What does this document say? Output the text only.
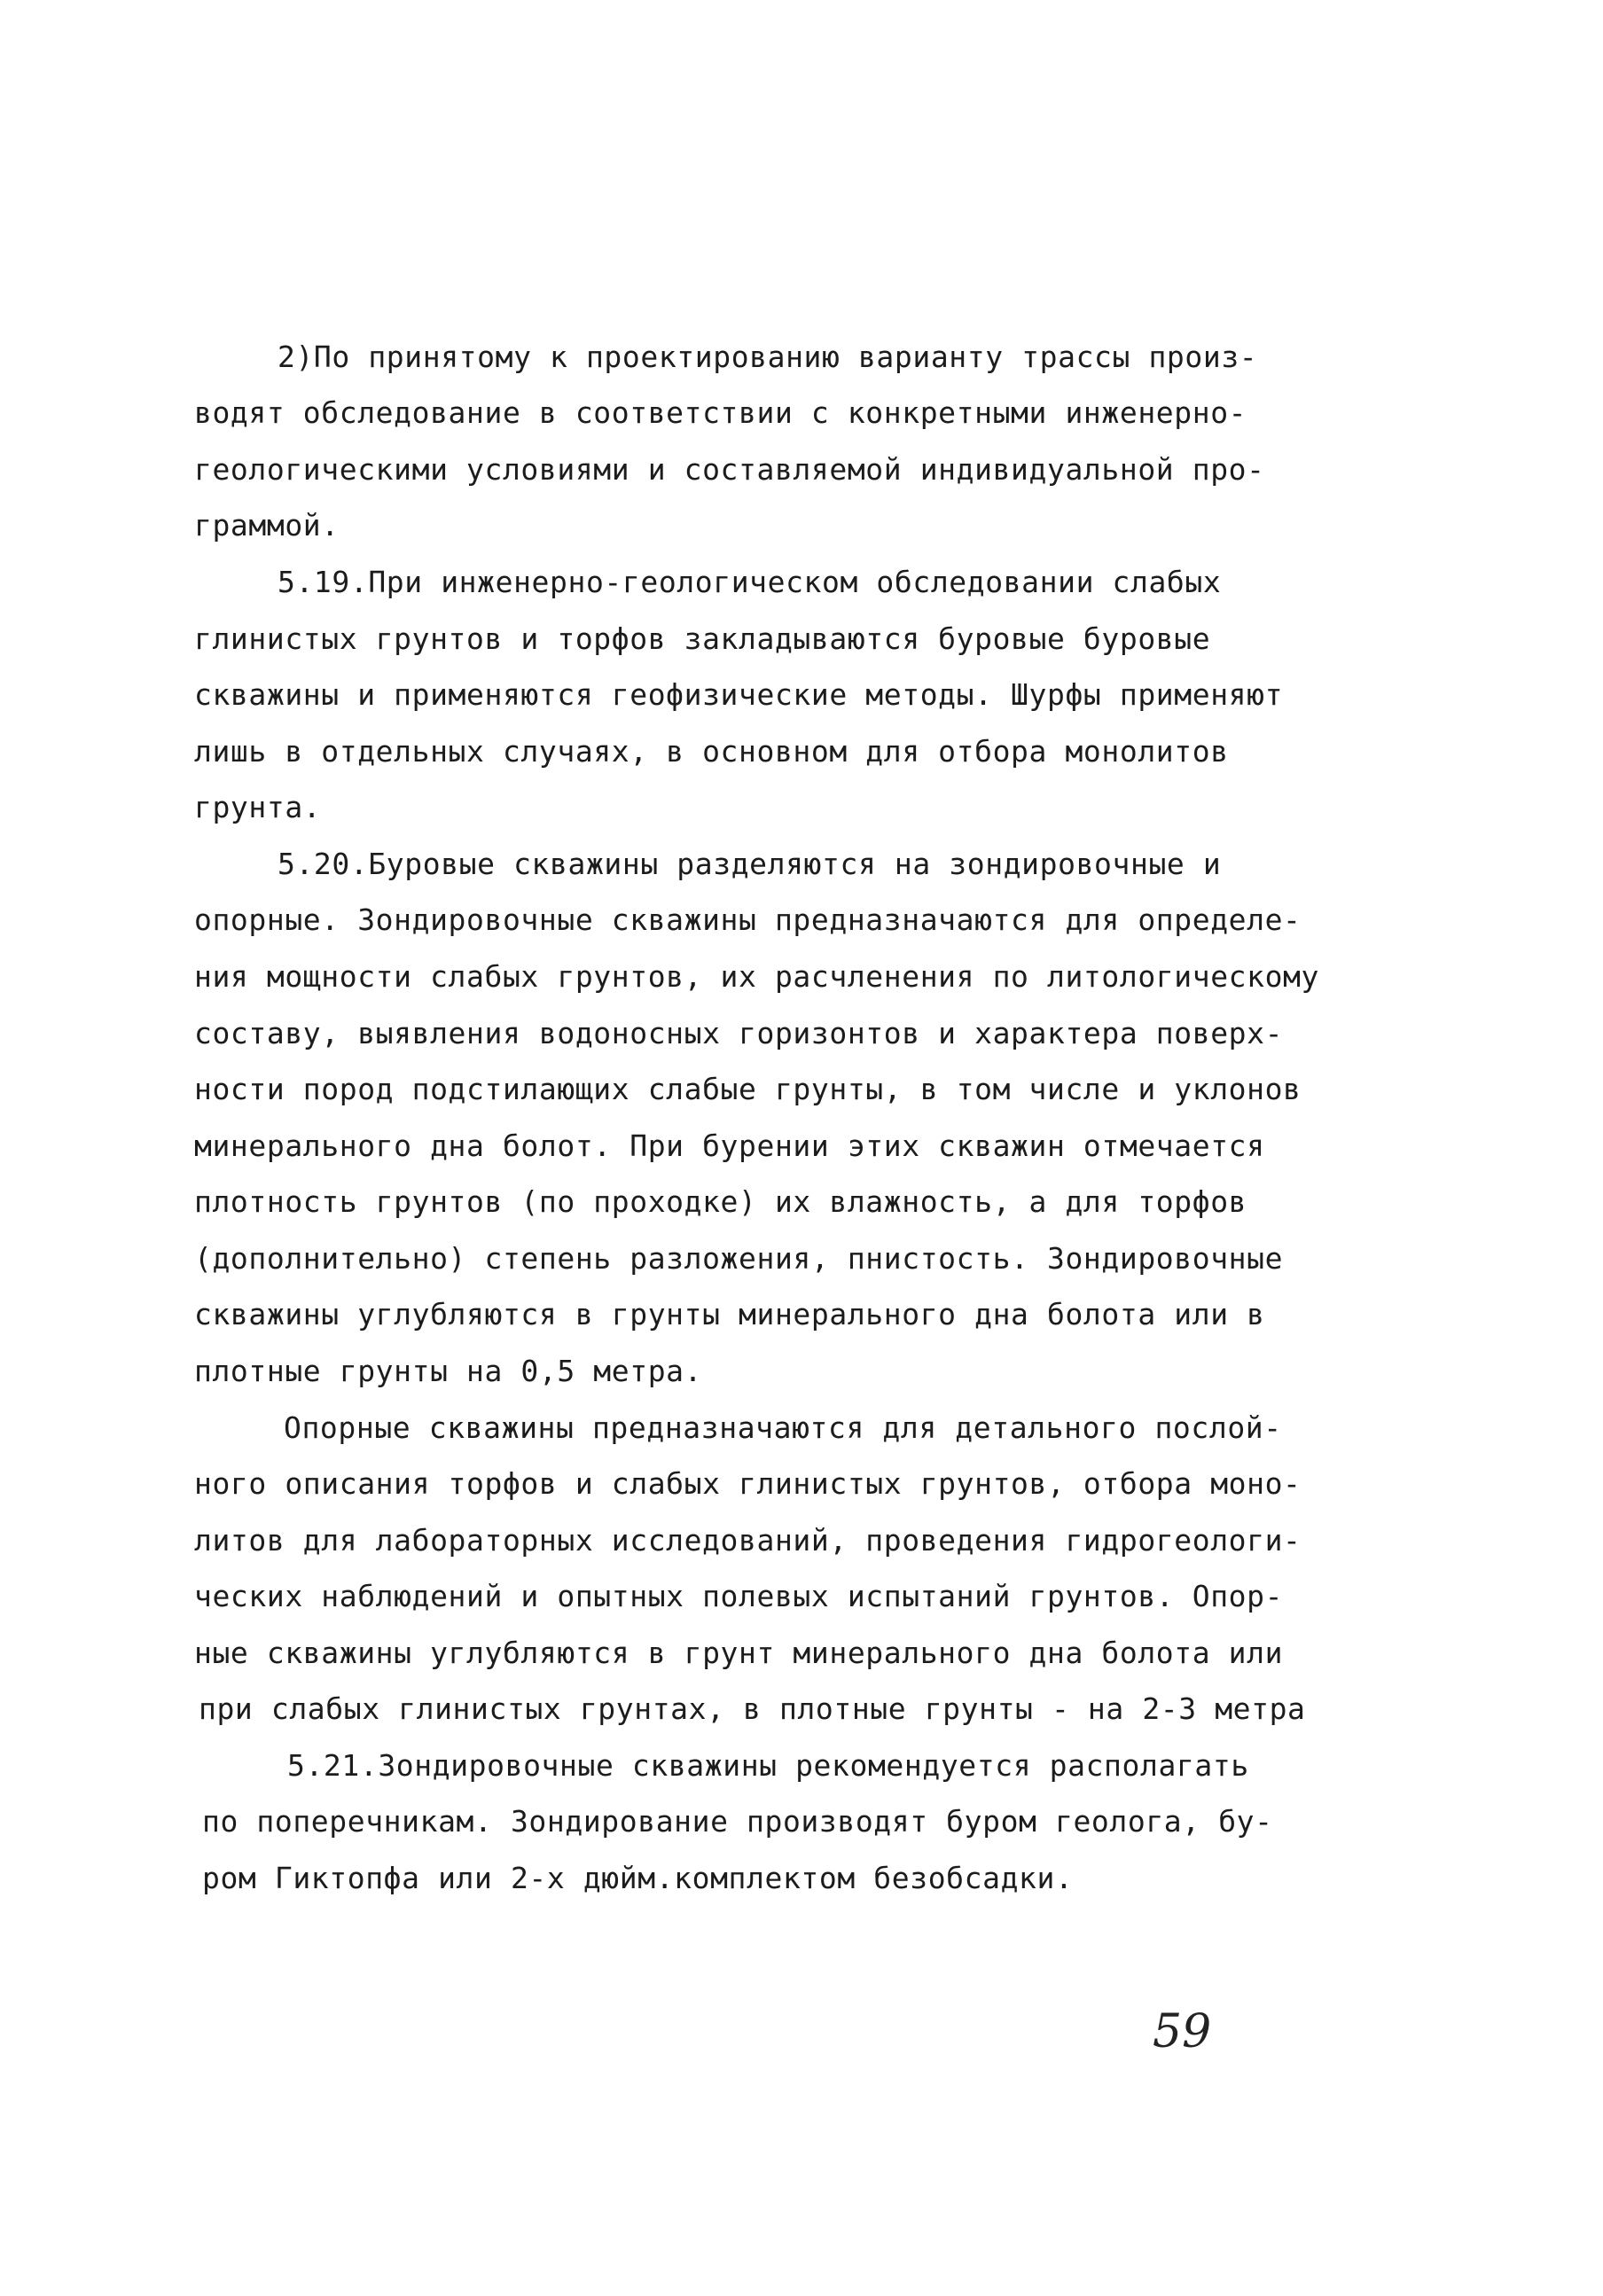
2)По принятому к проектированию варианту трассы произ-
водят обследование в соответствии с конкретными инженерно-
геологическими условиями и составляемой индивидуальной про-
граммой.
5.19.При инженерно-геологическом обследовании слабых
глинистых грунтов и торфов закладываются буровые буровые
скважины и применяются геофизические методы. Шурфы применяют
лишь в отдельных случаях, в основном для отбора монолитов
грунта.
5.20.Буровые скважины разделяются на зондировочные и
опорные. Зондировочные скважины предназначаются для определе-
ния мощности слабых грунтов, их расчленения по литологическому
составу, выявления водоносных горизонтов и характера поверх-
ности пород подстилающих слабые грунты, в том числе и уклонов
минерального дна болот. При бурении этих скважин отмечается
плотность грунтов (по проходке) их влажность, а для торфов
(дополнительно) степень разложения, пнистость. Зондировочные
скважины углубляются в грунты минерального дна болота или в
плотные грунты на 0,5 метра.
Опорные скважины предназначаются для детального послой-
ного описания торфов и слабых глинистых грунтов, отбора моно-
литов для лабораторных исследований, проведения гидрогеологи-
ческих наблюдений и опытных полевых испытаний грунтов. Опор-
ные скважины углубляются в грунт минерального дна болота или
при слабых глинистых грунтах, в плотные грунты - на 2-3 метра
5.21.Зондировочные скважины рекомендуется располагать
по поперечникам. Зондирование производят буром геолога, бу-
ром Гиктопфа или 2-х дюйм.комплектом безобсадки.
59
